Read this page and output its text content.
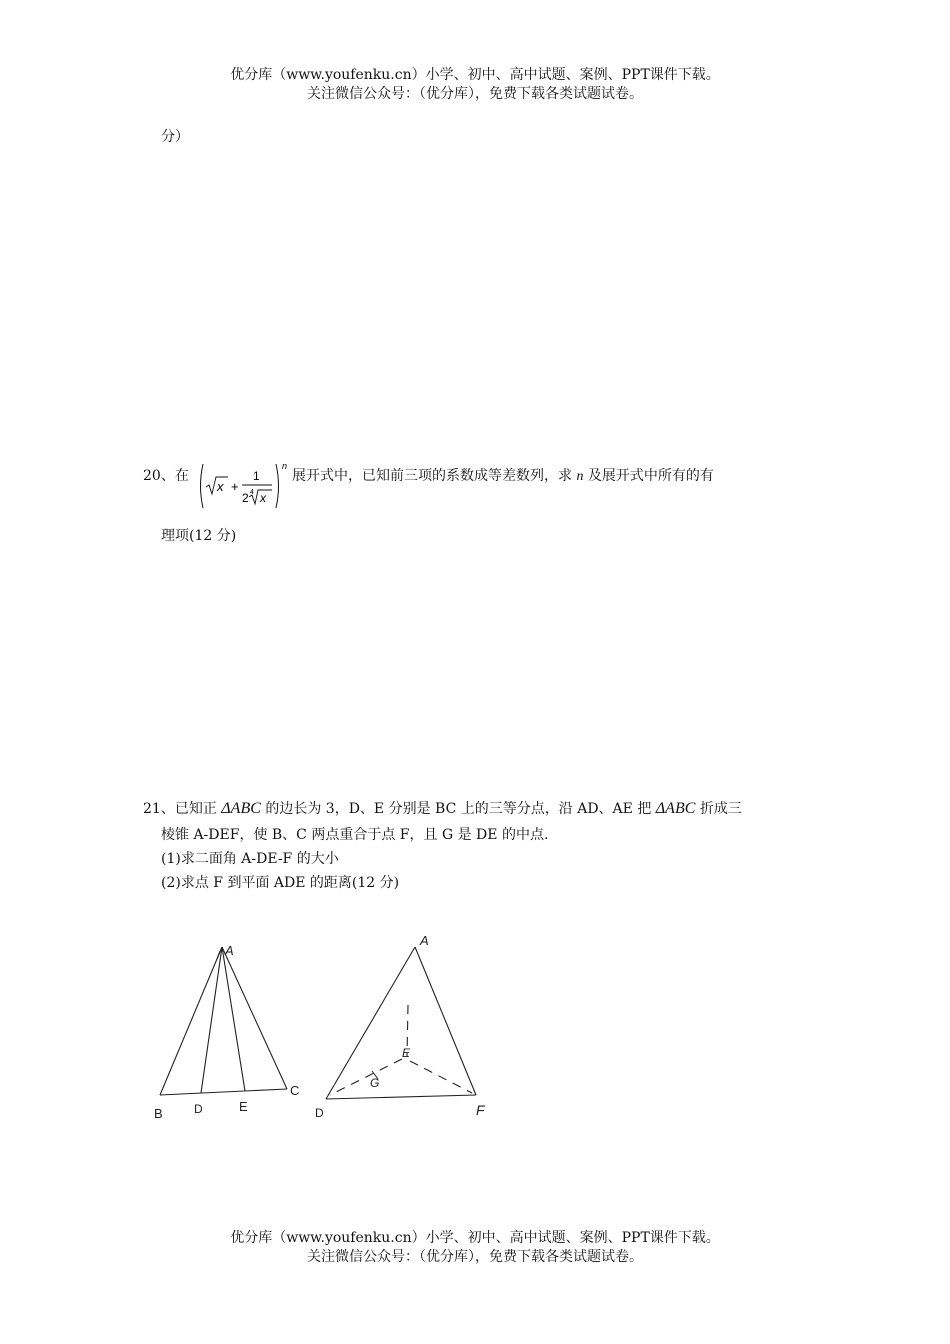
优分库（www.youfenku.cn）小学、初中、高中试题、案例、PPT课件下载。
关注微信公众号：（优分库），免费下载各类试题试卷。
分）
20、在
x +
1
2 4 x
n
展开式中，已知前三项的系数成等差数列，求 n 及展开式中所有的有
理项(12 分)
21、已知正 ΔABC 的边长为 3，D、E 分别是 BC 上的三等分点，沿 AD、AE 把 ΔABC 折成三
棱锥 A-DEF，使 B、C 两点重合于点 F，且 G 是 DE 的中点.
(1)求二面角 A-DE-F 的大小
(2)求点 F 到平面 ADE 的距离(12 分)
A
B	D	E
C
A
E
G
D	F
优分库（www.youfenku.cn）小学、初中、高中试题、案例、PPT课件下载。
关注微信公众号：（优分库），免费下载各类试题试卷。
